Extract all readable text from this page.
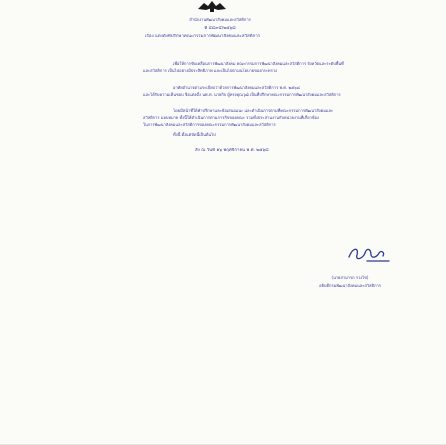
สำนักงานพัฒนาสังคมและสวัสดิการ
ที่ ๔๔๙๔/๒๕๖๘
เรื่อง แต่งตั้งที่ปรึกษาคณะกรรมการพัฒนาสังคมและสวัสดิการ
เพื่อให้การขับเคลื่อนการพัฒนาสังคม คณะกรรมการพัฒนาสังคมและสวัสดิการ จังหวัดและระดับพื้นที่
และสวัสดิการ เป็นไปอย่างมีประสิทธิภาพ และเป็นไปตามนโยบายของกระทรวง
อาศัยอำนาจตามระเบียบว่าด้วยการพัฒนาสังคมและสวัสดิการ พ.ศ. ๒๕๖๘
และได้รับความเห็นชอบ จึงแต่งตั้ง นพ.ท. นายกิจ ผู้ทรงคุณวุฒิ เป็นที่ปรึกษาคณะกรรมการพัฒนาสังคมและสวัสดิการ
โดยมีหน้าที่ให้คำปรึกษาและข้อเสนอแนะ และดำเนินการตามที่คณะกรรมการพัฒนาสังคมและ
สวัสดิการ มอบหมาย ทั้งนี้ให้ดำเนินการตามภารกิจของคณะ รวมทั้งประสานงานกับหน่วยงานที่เกี่ยวข้อง
ในการพัฒนาสังคมและสวัสดิการของคณะกรรมการพัฒนาสังคมและสวัสดิการ
ทั้งนี้ ตั้งแต่บัดนี้เป็นต้นไป
สั่ง ณ วันที่ ๑๖ พฤศจิกายน พ.ศ. ๒๕๖๘
(นายสามารถ รวงไข่)
อธิบดีกรมพัฒนาสังคมและสวัสดิการ
